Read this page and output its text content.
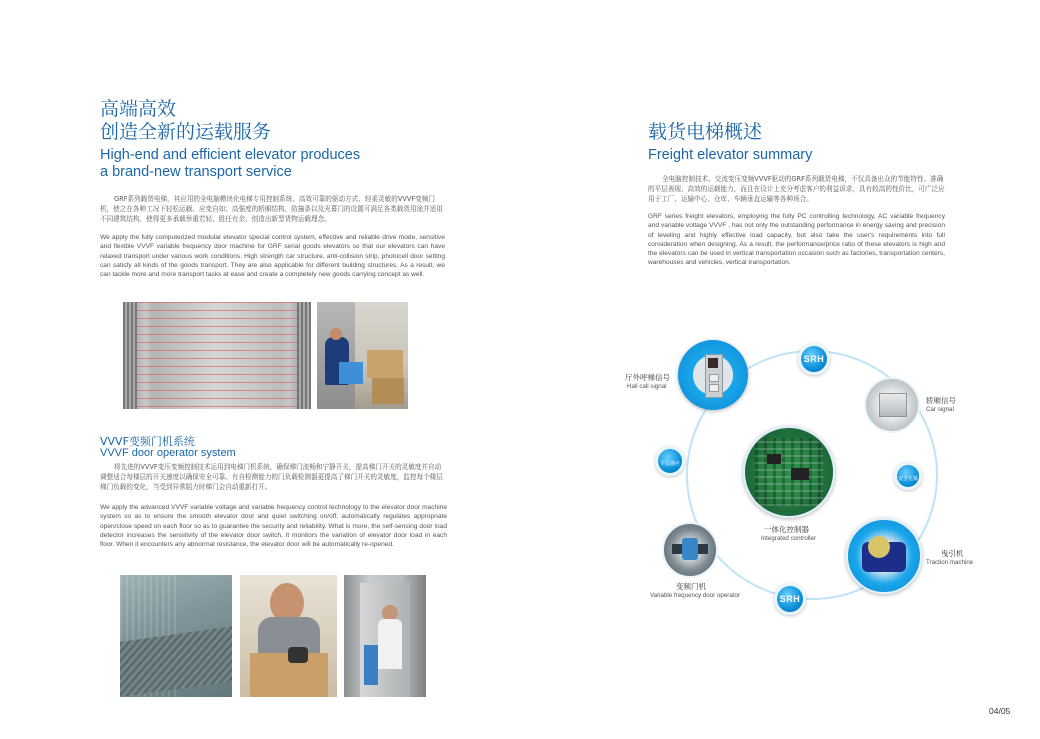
高端高效
创造全新的运载服务
High-end and efficient elevator produces
a brand-new transport service
GRF系列载货电梯，其应用的全电脑模块化电梯专用控制系统、高效可靠的驱动方式、轻柔灵敏的VVVF变频门机，使之在各种工况下轻松运载、应变自如；高强度的轿厢结构、防撞条以及光幕门的设置可满足各类载货用途并适用不同建筑结构，使得更多承载举重若轻、胜任有余，创造出新型货物运载理念。
We apply the fully computerized modular elevator special control system, effective and reliable drive mode, sensitive and flexible VVVF variable frequency door machine for GRF serial goods elevators so that our elevators can have relaxed transport under various work conditions. High strength car structure, anti-collision strip, photocell door setting can satisfy all kinds of the goods transport. They are also applicable for different building structures. As a result, we can tackle more and more transport tasks at ease and create a completely new goods carrying concept as well.
VVVF变频门机系统
VVVF door operator system
将先进的VVVF变压变频控制技术运用到电梯门机系统，确保梯门流畅和宁静开关，提高梯门开关的灵敏度并自动调整适合每楼层的开关速度以确保安全可靠。有自检测能力的门负载检测器更提高了梯门开关的灵敏度，监控每个楼层梯门负载的变化，当受到异常阻力时梯门会自动重新打开。
We apply the advanced VVVF variable voltage and variable frequency control technology to the elevator door machine system so as to ensure the smooth elevator door and quiet switching on/off, automatically regulates appropriate open/close speed on each floor so as to guarantee the security and reliability. What is more, the self-sensing door load detector increases the sensitivity of the elevator door switch. It monitors the variation of elevator door load in each floor. When it encounters any abnormal resistance, the elevator door will be automatically re-opened.
载货电梯概述
Freight elevator summary
全电脑控制技术、交流变压变频VVVF驱动的GRF系列载货电梯，不仅具备出众的节能特性、准确的平层表现、高效的运载能力，而且在设计上充分考虑客户的利益诉求，具有较高的性价比，可广泛应用于工厂、运输中心、仓库、车辆垂直运输等各种场合。
GRF series freight elevators, employing the fully PC controlling technology, AC variable frequency and variable voltage VVVF , has not only the outstanding performance in energy saving and precision of leveling and highly effective load capacity, but also take the user's requirements into full consideration when designing. As a result, the performance/price ratio of these elevators is high and the elevators can be used in vertical transportation occasion such as factories, transportation centers, warehouses and vehicles, vertical transportation.
SRH
平层感应
安全光幕
SRH
厅外呼梯信号
Hall call signal
轿厢信号
Car signal
一体化控制器
Integrated controller
曳引机
Traction machine
变频门机
Variable frequency door operator
04/05
